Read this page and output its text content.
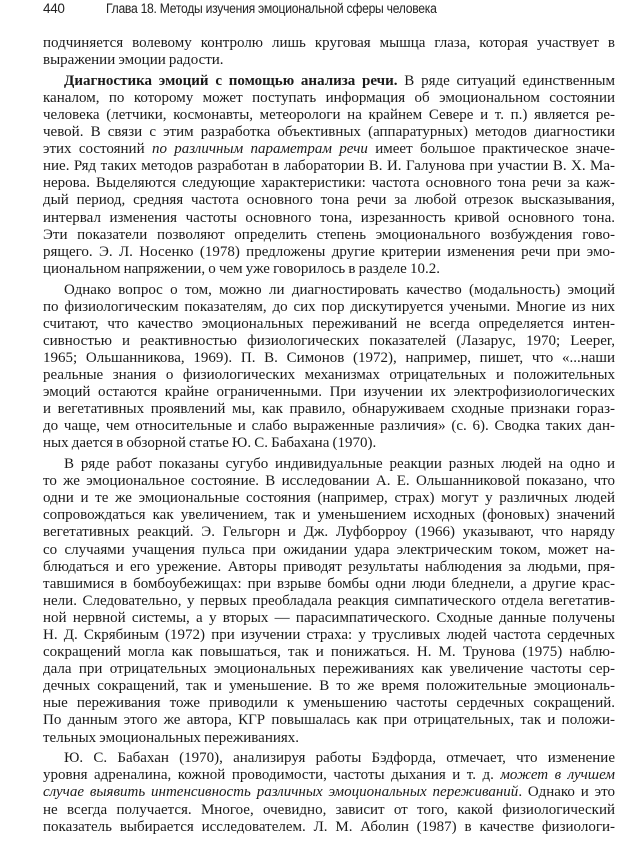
440	Глава 18. Методы изучения эмоциональной сферы человека
подчиняется волевому контролю лишь круговая мышца глаза, которая участвует в
выражении эмоции радости.
Диагностика эмоций с помощью анализа речи. В ряде ситуаций единственным
каналом, по которому может поступать информация об эмоциональном состоянии
человека (летчики, космонавты, метеорологи на крайнем Севере и т. п.) является ре-
чевой. В связи с этим разработка объективных (аппаратурных) методов диагностики
этих состояний по различным параметрам речи имеет большое практическое значе-
ние. Ряд таких методов разработан в лаборатории В. И. Галунова при участии В. Х. Ма-
нерова. Выделяются следующие характеристики: частота основного тона речи за каж-
дый период, средняя частота основного тона речи за любой отрезок высказывания,
интервал изменения частоты основного тона, изрезанность кривой основного тона.
Эти показатели позволяют определить степень эмоционального возбуждения гово-
рящего. Э. Л. Носенко (1978) предложены другие критерии изменения речи при эмо-
циональном напряжении, о чем уже говорилось в разделе 10.2.
Однако вопрос о том, можно ли диагностировать качество (модальность) эмоций
по физиологическим показателям, до сих пор дискутируется учеными. Многие из них
считают, что качество эмоциональных переживаний не всегда определяется интен-
сивностью и реактивностью физиологических показателей (Лазарус, 1970; Leeper,
1965; Ольшанникова, 1969). П. В. Симонов (1972), например, пишет, что «...наши
реальные знания о физиологических механизмах отрицательных и положительных
эмоций остаются крайне ограниченными. При изучении их электрофизиологических
и вегетативных проявлений мы, как правило, обнаруживаем сходные признаки гораз-
до чаще, чем относительные и слабо выраженные различия» (с. 6). Сводка таких дан-
ных дается в обзорной статье Ю. С. Бабахана (1970).
В ряде работ показаны сугубо индивидуальные реакции разных людей на одно и
то же эмоциональное состояние. В исследовании А. Е. Ольшанниковой показано, что
одни и те же эмоциональные состояния (например, страх) могут у различных людей
сопровождаться как увеличением, так и уменьшением исходных (фоновых) значений
вегетативных реакций. Э. Гельгорн и Дж. Луфборроу (1966) указывают, что наряду
со случаями учащения пульса при ожидании удара электрическим током, может на-
блюдаться и его урежение. Авторы приводят результаты наблюдения за людьми, пря-
тавшимися в бомбоубежищах: при взрыве бомбы одни люди бледнели, а другие крас-
нели. Следовательно, у первых преобладала реакция симпатического отдела вегетатив-
ной нервной системы, а у вторых — парасимпатического. Сходные данные получены
Н. Д. Скрябиным (1972) при изучении страха: у трусливых людей частота сердечных
сокращений могла как повышаться, так и понижаться. Н. М. Трунова (1975) наблю-
дала при отрицательных эмоциональных переживаниях как увеличение частоты сер-
дечных сокращений, так и уменьшение. В то же время положительные эмоциональ-
ные переживания тоже приводили к уменьшению частоты сердечных сокращений.
По данным этого же автора, КГР повышалась как при отрицательных, так и положи-
тельных эмоциональных переживаниях.
Ю. С. Бабахан (1970), анализируя работы Бэдфорда, отмечает, что изменение
уровня адреналина, кожной проводимости, частоты дыхания и т. д. может в лучшем
случае выявить интенсивность различных эмоциональных переживаний. Однако и это
не всегда получается. Многое, очевидно, зависит от того, какой физиологический
показатель выбирается исследователем. Л. М. Аболин (1987) в качестве физиологи-
